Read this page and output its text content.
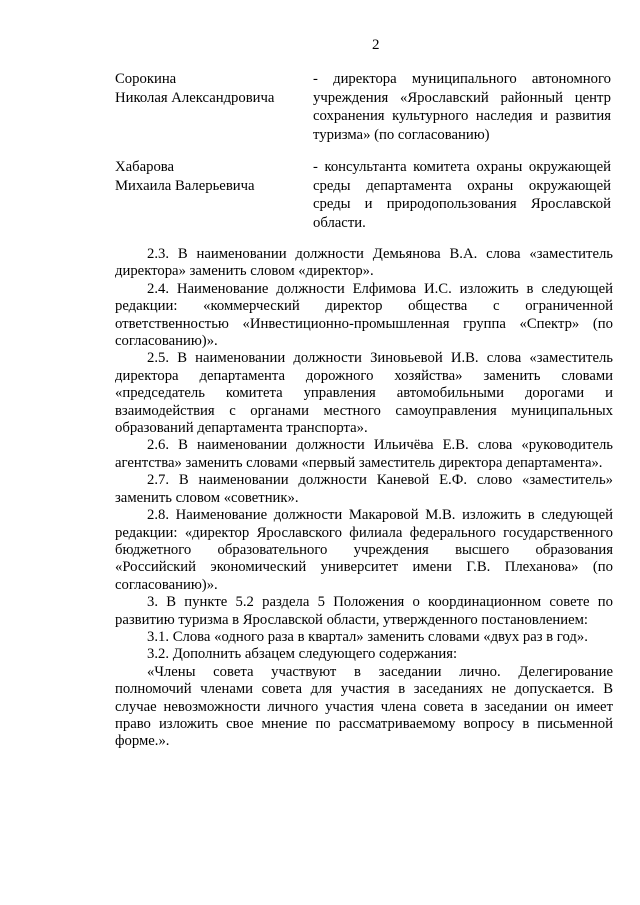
2
Сорокина
Николая Александровича
- директора муниципального автономного
учреждения «Ярославский районный центр
сохранения культурного наследия и развития
туризма» (по согласованию)
Хабарова
Михаила Валерьевича
- консультанта комитета охраны окружающей
среды департамента охраны окружающей
среды и природопользования Ярославской
области.
2.3. В наименовании должности Демьянова В.А. слова «заместитель
директора» заменить словом «директор».
2.4. Наименование должности Елфимова И.С. изложить в следующей
редакции: «коммерческий директор общества с ограниченной
ответственностью «Инвестиционно-промышленная группа «Спектр» (по
согласованию)».
2.5. В наименовании должности Зиновьевой И.В. слова «заместитель
директора департамента дорожного хозяйства» заменить словами
«председатель комитета управления автомобильными дорогами и
взаимодействия с органами местного самоуправления муниципальных
образований департамента транспорта».
2.6. В наименовании должности Ильичёва Е.В. слова «руководитель
агентства» заменить словами «первый заместитель директора департамента».
2.7. В наименовании должности Каневой Е.Ф. слово «заместитель»
заменить словом «советник».
2.8. Наименование должности Макаровой М.В. изложить в следующей
редакции: «директор Ярославского филиала федерального государственного
бюджетного образовательного учреждения высшего образования
«Российский экономический университет имени Г.В. Плеханова» (по
согласованию)».
3. В пункте 5.2 раздела 5 Положения о координационном совете по
развитию туризма в Ярославской области, утвержденного постановлением:
3.1. Слова «одного раза в квартал» заменить словами «двух раз в год».
3.2. Дополнить абзацем следующего содержания:
«Члены совета участвуют в заседании лично. Делегирование
полномочий членами совета для участия в заседаниях не допускается. В
случае невозможности личного участия члена совета в заседании он имеет
право изложить свое мнение по рассматриваемому вопросу в письменной
форме.».
